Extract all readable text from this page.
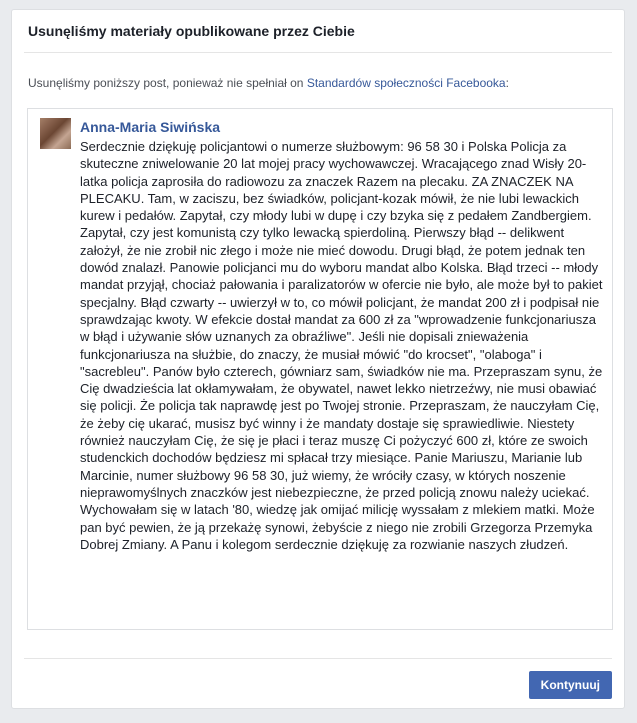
Usunęliśmy materiały opublikowane przez Ciebie
Usunęliśmy poniższy post, ponieważ nie spełniał on Standardów społeczności Facebooka:
Anna-Maria Siwińska

Serdecznie dziękuję policjantowi o numerze służbowym: 96 58 30 i Polska Policja za skuteczne zniwelowanie 20 lat mojej pracy wychowawczej. Wracającego znad Wisły 20-latka policja zaprosiła do radiowozu za znaczek Razem na plecaku. ZA ZNACZEK NA PLECAKU. Tam, w zaciszu, bez świadków, policjant-kozak mówił, że nie lubi lewackich kurew i pedałów. Zapytał, czy młody lubi w dupę i czy bzyka się z pedałem Zandbergiem. Zapytał, czy jest komunistą czy tylko lewacką spierdoliną. Pierwszy błąd -- delikwent założył, że nie zrobił nic złego i może nie mieć dowodu. Drugi błąd, że potem jednak ten dowód znalazł. Panowie policjanci mu do wyboru mandat albo Kolska. Błąd trzeci -- młody mandat przyjął, chociaż pałowania i paralizatorów w ofercie nie było, ale może był to pakiet specjalny. Błąd czwarty -- uwierzył w to, co mówił policjant, że mandat 200 zł i podpisał nie sprawdzając kwoty. W efekcie dostał mandat za 600 zł za "wprowadzenie funkcjonariusza w błąd i używanie słów uznanych za obraźliwe". Jeśli nie dopisali znieważenia funkcjonariusza na służbie, do znaczy, że musiał mówić "do krocset", "olaboga" i "sacrebleu". Panów było czterech, gówniarz sam, świadków nie ma. Przepraszam synu, że Cię dwadzieścia lat okłamywałam, że obywatel, nawet lekko nietrzeźwy, nie musi obawiać się policji. Że policja tak naprawdę jest po Twojej stronie. Przepraszam, że nauczyłam Cię, że żeby cię ukarać, musisz być winny i że mandaty dostaje się sprawiedliwie. Niestety również nauczyłam Cię, że się je płaci i teraz muszę Ci pożyczyć 600 zł, które ze swoich studenckich dochodów będziesz mi spłacał trzy miesiące. Panie Mariuszu, Marianie lub Marcinie, numer służbowy 96 58 30, już wiemy, że wróciły czasy, w których noszenie nieprawomyślnych znaczków jest niebezpieczne, że przed policją znowu należy uciekać. Wychowałam się w latach '80, wiedzę jak omijać milicję wyssałam z mlekiem matki. Może pan być pewien, że ją przekażę synowi, żebyście z niego nie zrobili Grzegorza Przemyka Dobrej Zmiany. A Panu i kolegom serdecznie dziękuję za rozwianie naszych złudzeń.

Kontynuuj
